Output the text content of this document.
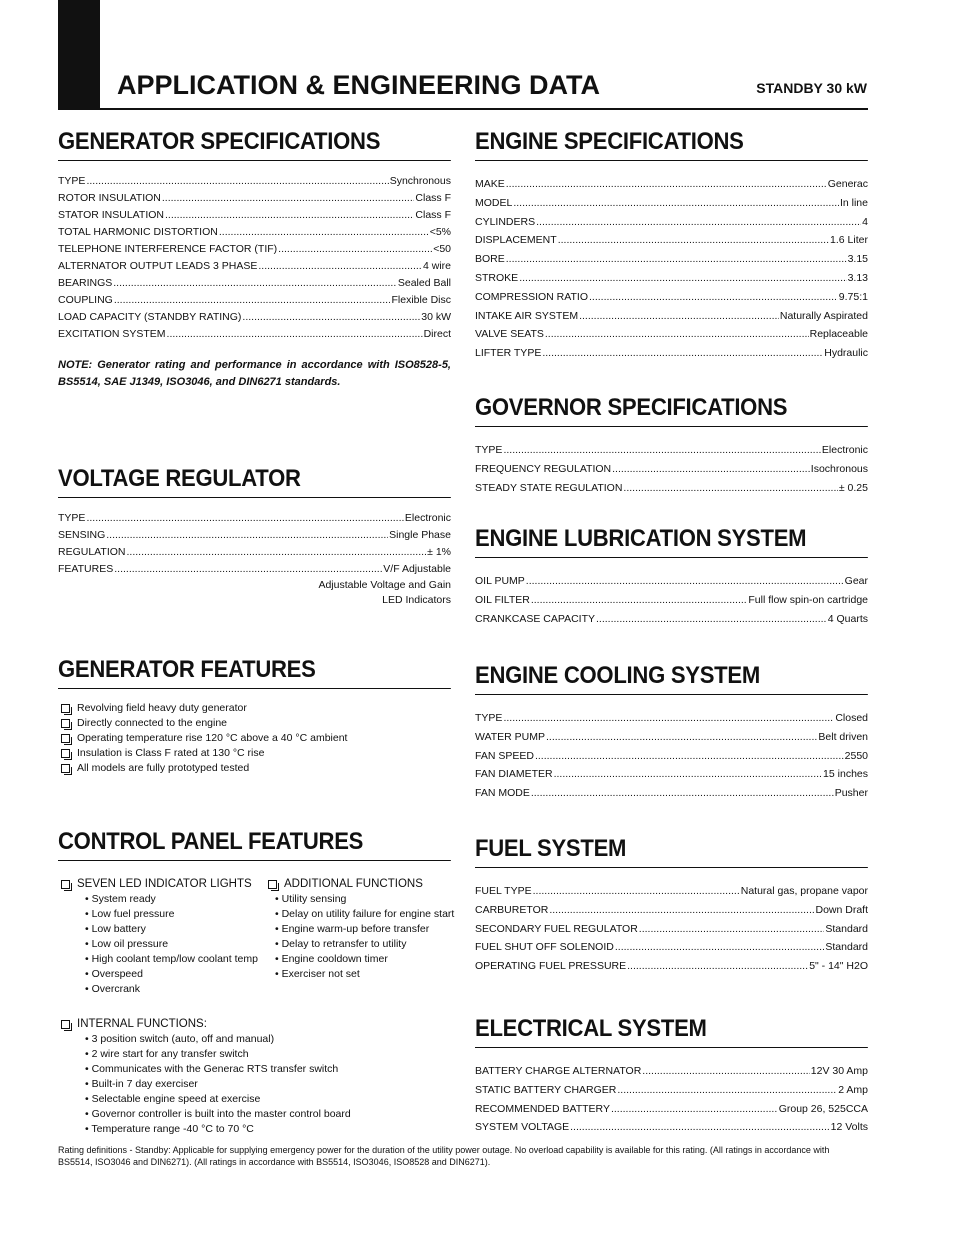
APPLICATION & ENGINEERING DATA	STANDBY 30 kW
GENERATOR SPECIFICATIONS
TYPE .....	Synchronous
ROTOR INSULATION .....	Class F
STATOR INSULATION .....	Class F
TOTAL HARMONIC DISTORTION .....	<5%
TELEPHONE INTERFERENCE FACTOR (TIF) .....	<50
ALTERNATOR OUTPUT LEADS 3 PHASE .....	4 wire
BEARINGS .....	Sealed Ball
COUPLING .....	Flexible Disc
LOAD CAPACITY (STANDBY RATING) .....	30 kW
EXCITATION SYSTEM .....	Direct
NOTE: Generator rating and performance in accordance with ISO8528-5, BS5514, SAE J1349, ISO3046, and DIN6271 standards.
VOLTAGE REGULATOR
TYPE .....	Electronic
SENSING .....	Single Phase
REGULATION .....	± 1%
FEATURES .....	V/F Adjustable
Adjustable Voltage and Gain
LED Indicators
GENERATOR FEATURES
Revolving field heavy duty generator
Directly connected to the engine
Operating temperature rise 120 °C above a 40 °C ambient
Insulation is Class F rated at 130 °C rise
All models are fully prototyped tested
CONTROL PANEL FEATURES
SEVEN LED INDICATOR LIGHTS
• System ready
• Low fuel pressure
• Low battery
• Low oil pressure
• High coolant temp/low coolant temp
• Overspeed
• Overcrank
ADDITIONAL FUNCTIONS
• Utility sensing
• Delay on utility failure for engine start
• Engine warm-up before transfer
• Delay to retransfer to utility
• Engine cooldown timer
• Exerciser not set
INTERNAL FUNCTIONS:
• 3 position switch (auto, off and manual)
• 2 wire start for any transfer switch
• Communicates with the Generac RTS transfer switch
• Built-in 7 day exerciser
• Selectable engine speed at exercise
• Governor controller is built into the master control board
• Temperature range -40 °C to 70 °C
ENGINE SPECIFICATIONS
MAKE .....	Generac
MODEL .....	In line
CYLINDERS .....	4
DISPLACEMENT .....	1.6 Liter
BORE .....	3.15
STROKE .....	3.13
COMPRESSION RATIO .....	9.75:1
INTAKE AIR SYSTEM .....	Naturally Aspirated
VALVE SEATS .....	Replaceable
LIFTER TYPE .....	Hydraulic
GOVERNOR SPECIFICATIONS
TYPE .....	Electronic
FREQUENCY REGULATION .....	Isochronous
STEADY STATE REGULATION .....	± 0.25
ENGINE LUBRICATION SYSTEM
OIL PUMP .....	Gear
OIL FILTER .....	Full flow spin-on cartridge
CRANKCASE CAPACITY .....	4 Quarts
ENGINE COOLING SYSTEM
TYPE .....	Closed
WATER PUMP .....	Belt driven
FAN SPEED .....	2550
FAN DIAMETER .....	15 inches
FAN MODE .....	Pusher
FUEL SYSTEM
FUEL TYPE .....	Natural gas, propane vapor
CARBURETOR .....	Down Draft
SECONDARY FUEL REGULATOR .....	Standard
FUEL SHUT OFF SOLENOID .....	Standard
OPERATING FUEL PRESSURE .....	5" - 14" H2O
ELECTRICAL SYSTEM
BATTERY CHARGE ALTERNATOR .....	12V 30 Amp
STATIC BATTERY CHARGER .....	2 Amp
RECOMMENDED BATTERY .....	Group 26, 525CCA
SYSTEM VOLTAGE .....	12 Volts
Rating definitions - Standby: Applicable for supplying emergency power for the duration of the utility power outage. No overload capability is available for this rating. (All ratings in accordance with BS5514, ISO3046 and DIN6271). (All ratings in accordance with BS5514, ISO3046, ISO8528 and DIN6271).
